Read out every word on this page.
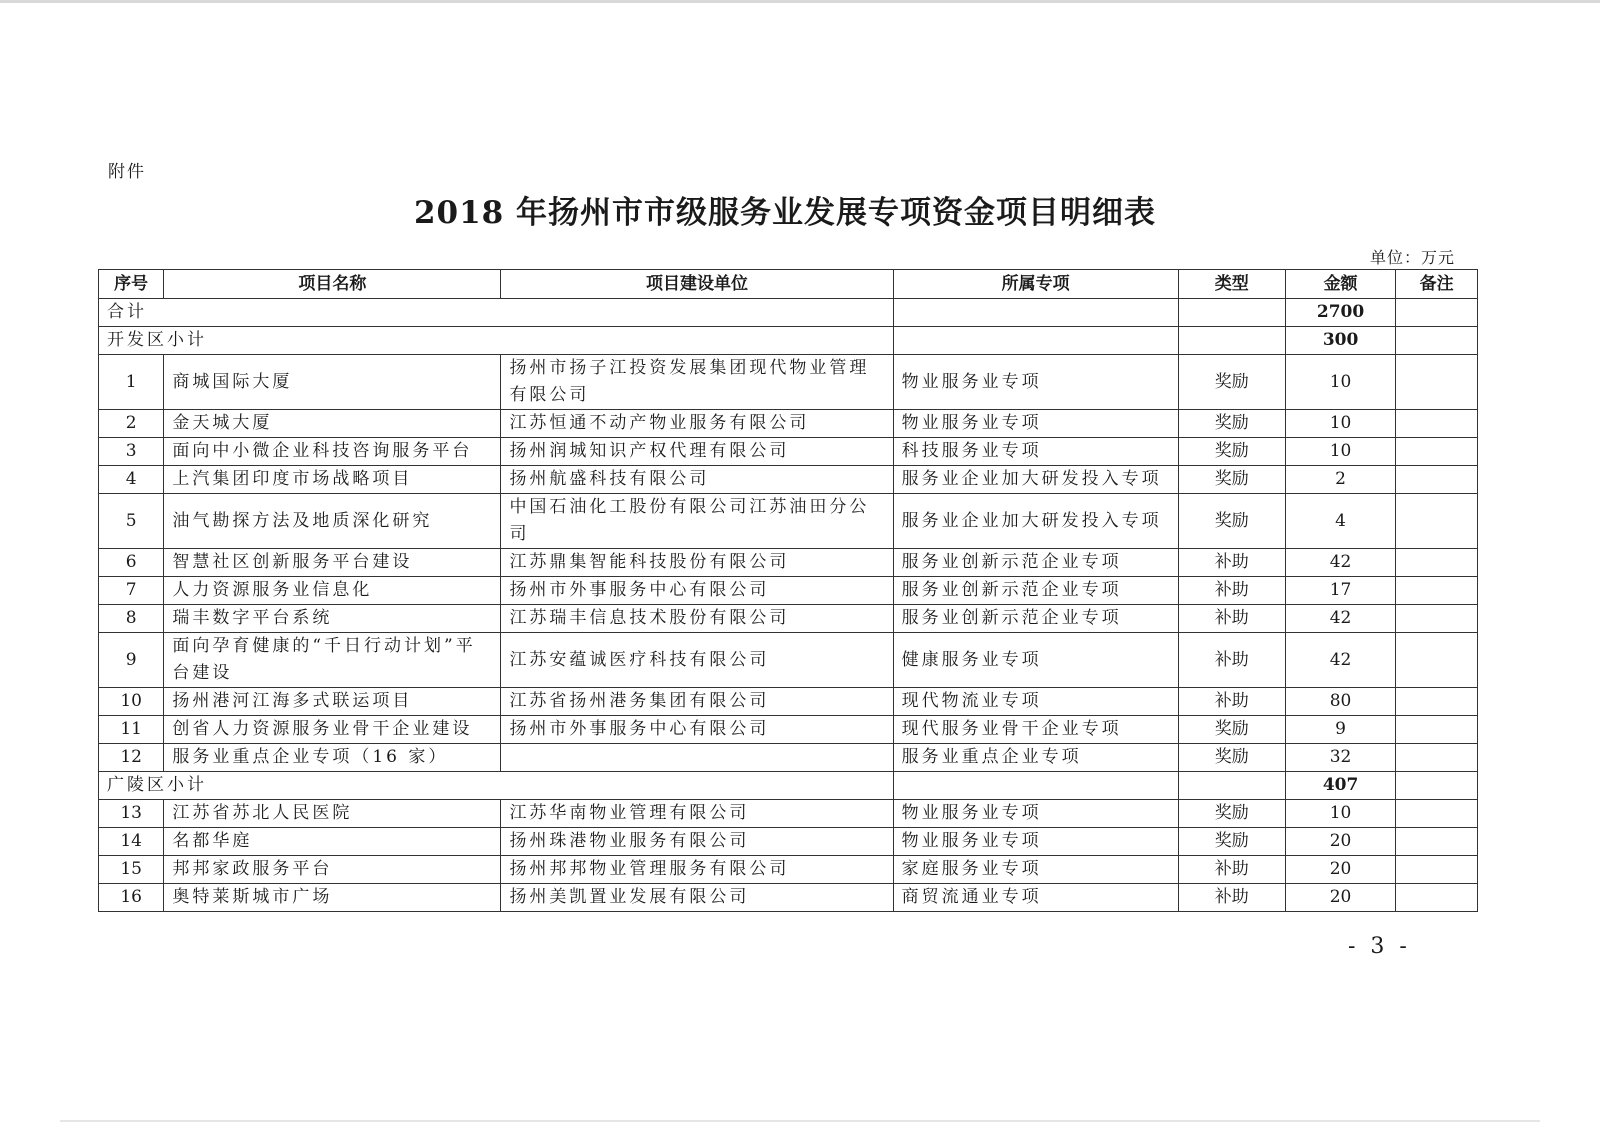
附件
2018 年扬州市市级服务业发展专项资金项目明细表
单位：万元
序号	项目名称	项目建设单位	所属专项	类型	金额	备注
合计					2700	
开发区小计					300	
1	商城国际大厦	扬州市扬子江投资发展集团现代物业管理有限公司	物业服务业专项	奖励	10	
2	金天城大厦	江苏恒通不动产物业服务有限公司	物业服务业专项	奖励	10	
3	面向中小微企业科技咨询服务平台	扬州润城知识产权代理有限公司	科技服务业专项	奖励	10	
4	上汽集团印度市场战略项目	扬州航盛科技有限公司	服务业企业加大研发投入专项	奖励	2	
5	油气勘探方法及地质深化研究	中国石油化工股份有限公司江苏油田分公司	服务业企业加大研发投入专项	奖励	4	
6	智慧社区创新服务平台建设	江苏鼎集智能科技股份有限公司	服务业创新示范企业专项	补助	42	
7	人力资源服务业信息化	扬州市外事服务中心有限公司	服务业创新示范企业专项	补助	17	
8	瑞丰数字平台系统	江苏瑞丰信息技术股份有限公司	服务业创新示范企业专项	补助	42	
9	面向孕育健康的“千日行动计划”平台建设	江苏安蕴诚医疗科技有限公司	健康服务业专项	补助	42	
10	扬州港河江海多式联运项目	江苏省扬州港务集团有限公司	现代物流业专项	补助	80	
11	创省人力资源服务业骨干企业建设	扬州市外事服务中心有限公司	现代服务业骨干企业专项	奖励	9	
12	服务业重点企业专项（16 家）		服务业重点企业专项	奖励	32	
广陵区小计					407	
13	江苏省苏北人民医院	江苏华南物业管理有限公司	物业服务业专项	奖励	10	
14	名都华庭	扬州珠港物业服务有限公司	物业服务业专项	奖励	20	
15	邦邦家政服务平台	扬州邦邦物业管理服务有限公司	家庭服务业专项	补助	20	
16	奥特莱斯城市广场	扬州美凯置业发展有限公司	商贸流通业专项	补助	20	
- 3 -
